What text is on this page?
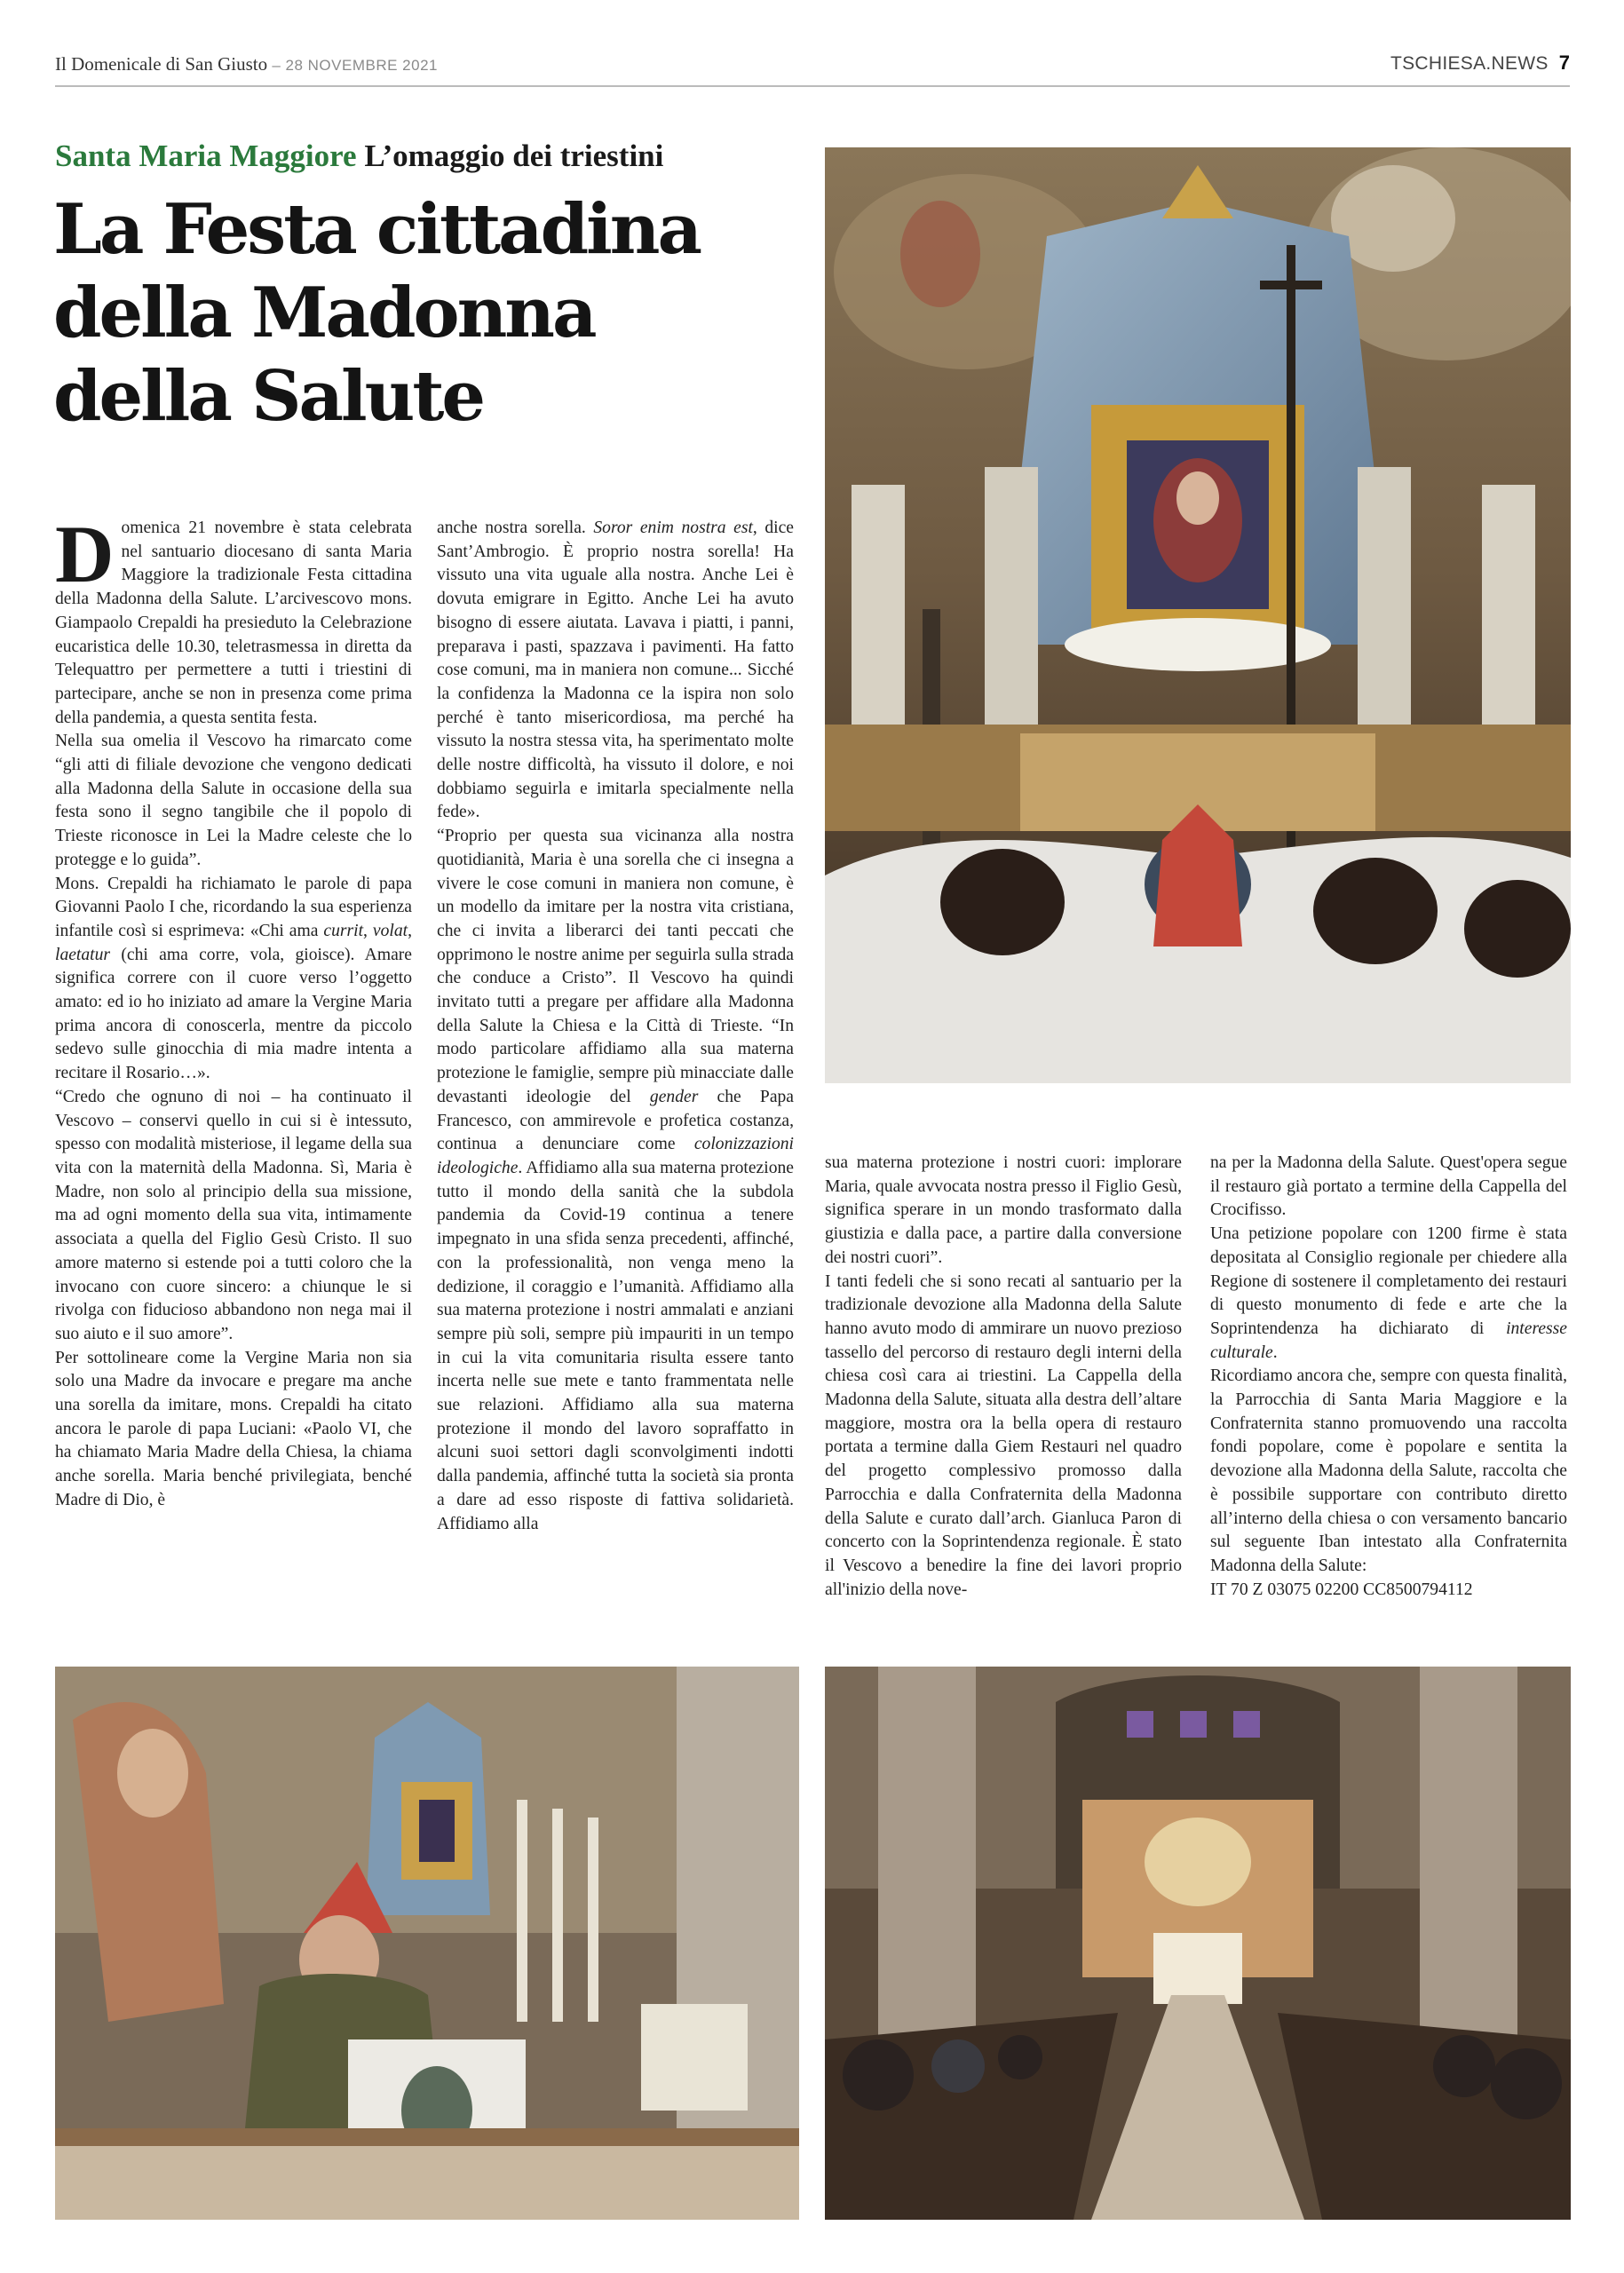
Il Domenicale di San Giusto – 28 NOVEMBRE 2021	TSCHIESA.NEWS 7
Santa Maria Maggiore L’omaggio dei triestini
La Festa cittadina
della Madonna
della Salute

Domenica 21 novembre è stata celebrata nel santuario diocesano di santa Maria Maggiore la tradizionale Festa cittadina della Madonna della Salute. L’arcivescovo mons. Giampaolo Crepaldi ha presieduto la Celebrazione eucaristica delle 10.30, teletrasmessa in diretta da Telequattro per permettere a tutti i triestini di partecipare, anche se non in presenza come prima della pandemia, a questa sentita festa.

Nella sua omelia il Vescovo ha rimarcato come “gli atti di filiale devozione che vengono dedicati alla Madonna della Salute in occasione della sua festa sono il segno tangibile che il popolo di Trieste riconosce in Lei la Madre celeste che lo protegge e lo guida”.

Mons. Crepaldi ha richiamato le parole di papa Giovanni Paolo I che, ricordando la sua esperienza infantile così si esprimeva: «Chi ama currit, volat, laetatur (chi ama corre, vola, gioisce). Amare significa correre con il cuore verso l’oggetto amato: ed io ho iniziato ad amare la Vergine Maria prima ancora di conoscerla, mentre da piccolo sedevo sulle ginocchia di mia madre intenta a recitare il Rosario…».

“Credo che ognuno di noi – ha continuato il Vescovo – conservi quello in cui si è intessuto, spesso con modalità misteriose, il legame della sua vita con la maternità della Madonna. Sì, Maria è Madre, non solo al principio della sua missione, ma ad ogni momento della sua vita, intimamente associata a quella del Figlio Gesù Cristo. Il suo amore materno si estende poi a tutti coloro che la invocano con cuore sincero: a chiunque le si rivolga con fiducioso abbandono non nega mai il suo aiuto e il suo amore”.

Per sottolineare come la Vergine Maria non sia solo una Madre da invocare e pregare ma anche una sorella da imitare, mons. Crepaldi ha citato ancora le parole di papa Luciani: «Paolo VI, che ha chiamato Maria Madre della Chiesa, la chiama anche sorella. Maria benché privilegiata, benché Madre di Dio, è

anche nostra sorella. Soror enim nostra est, dice Sant’Ambrogio. È proprio nostra sorella! Ha vissuto una vita uguale alla nostra. Anche Lei è dovuta emigrare in Egitto. Anche Lei ha avuto bisogno di essere aiutata. Lavava i piatti, i panni, preparava i pasti, spazzava i pavimenti. Ha fatto cose comuni, ma in maniera non comune... Sicché la confidenza la Madonna ce la ispira non solo perché è tanto misericordiosa, ma perché ha vissuto la nostra stessa vita, ha sperimentato molte delle nostre difficoltà, ha vissuto il dolore, e noi dobbiamo seguirla e imitarla specialmente nella fede».

“Proprio per questa sua vicinanza alla nostra quotidianità, Maria è una sorella che ci insegna a vivere le cose comuni in maniera non comune, è un modello da imitare per la nostra vita cristiana, che ci invita a liberarci dei tanti peccati che opprimono le nostre anime per seguirla sulla strada che conduce a Cristo”. Il Vescovo ha quindi invitato tutti a pregare per affidare alla Madonna della Salute la Chiesa e la Città di Trieste. “In modo particolare affidiamo alla sua materna protezione le famiglie, sempre più minacciate dalle devastanti ideologie del gender che Papa Francesco, con ammirevole e profetica costanza, continua a denunciare come colonizzazioni ideologiche. Affidiamo alla sua materna protezione tutto il mondo della sanità che la subdola pandemia da Covid-19 continua a tenere impegnato in una sfida senza precedenti, affinché, con la professionalità, non venga meno la dedizione, il coraggio e l’umanità. Affidiamo alla sua materna protezione i nostri ammalati e anziani sempre più soli, sempre più impauriti in un tempo in cui la vita comunitaria risulta essere tanto incerta nelle sue mete e tanto frammentata nelle sue relazioni. Affidiamo alla sua materna protezione il mondo del lavoro sopraffatto in alcuni suoi settori dagli sconvolgimenti indotti dalla pandemia, affinché tutta la società sia pronta a dare ad esso risposte di fattiva solidarietà. Affidiamo alla

sua materna protezione i nostri cuori: implorare Maria, quale avvocata nostra presso il Figlio Gesù, significa sperare in un mondo trasformato dalla giustizia e dalla pace, a partire dalla conversione dei nostri cuori”.

I tanti fedeli che si sono recati al santuario per la tradizionale devozione alla Madonna della Salute hanno avuto modo di ammirare un nuovo prezioso tassello del percorso di restauro degli interni della chiesa così cara ai triestini. La Cappella della Madonna della Salute, situata alla destra dell’altare maggiore, mostra ora la bella opera di restauro portata a termine dalla Giem Restauri nel quadro del progetto complessivo promosso dalla Parrocchia e dalla Confraternita della Madonna della Salute e curato dall’arch. Gianluca Paron di concerto con la Soprintendenza regionale. È stato il Vescovo a benedire la fine dei lavori proprio all'inizio della nove-

na per la Madonna della Salute. Quest'opera segue il restauro già portato a termine della Cappella del Crocifisso.

Una petizione popolare con 1200 firme è stata depositata al Consiglio regionale per chiedere alla Regione di sostenere il completamento dei restauri di questo monumento di fede e arte che la Soprintendenza ha dichiarato di interesse culturale.

Ricordiamo ancora che, sempre con questa finalità, la Parrocchia di Santa Maria Maggiore e la Confraternita stanno promuovendo una raccolta fondi popolare, come è popolare e sentita la devozione alla Madonna della Salute, raccolta che è possibile supportare con contributo diretto all’interno della chiesa o con versamento bancario sul seguente Iban intestato alla Confraternita Madonna della Salute:

IT 70 Z 03075 02200 CC8500794112
